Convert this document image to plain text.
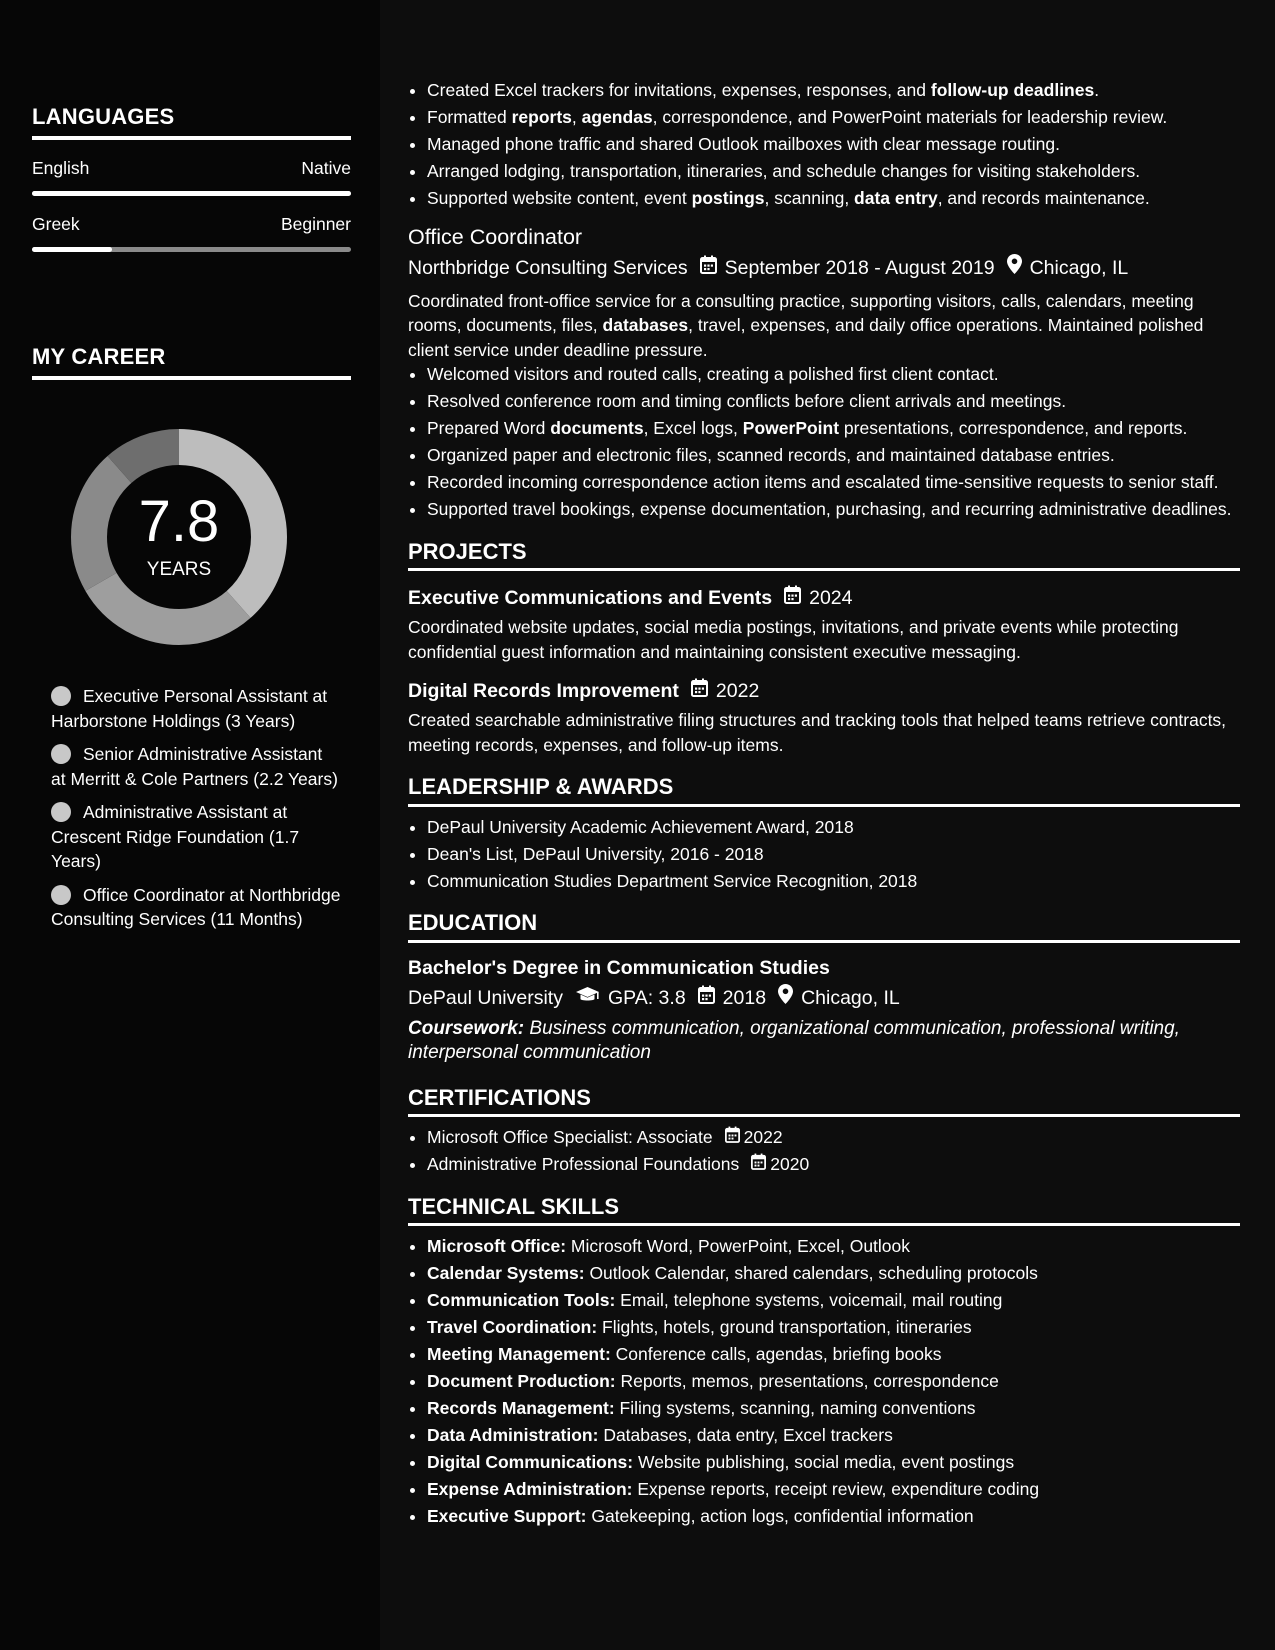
LANGUAGES
English	Native
Greek	Beginner
MY CAREER
7.8
YEARS
Executive Personal Assistant at Harborstone Holdings (3 Years)
Senior Administrative Assistant at Merritt & Cole Partners (2.2 Years)
Administrative Assistant at Crescent Ridge Foundation (1.7 Years)
Office Coordinator at Northbridge Consulting Services (11 Months)
• Created Excel trackers for invitations, expenses, responses, and follow-up deadlines.
• Formatted reports, agendas, correspondence, and PowerPoint materials for leadership review.
• Managed phone traffic and shared Outlook mailboxes with clear message routing.
• Arranged lodging, transportation, itineraries, and schedule changes for visiting stakeholders.
• Supported website content, event postings, scanning, data entry, and records maintenance.
Office Coordinator
Northbridge Consulting Services September 2018 - August 2019 Chicago, IL
Coordinated front-office service for a consulting practice, supporting visitors, calls, calendars, meeting rooms, documents, files, databases, travel, expenses, and daily office operations. Maintained polished client service under deadline pressure.
• Welcomed visitors and routed calls, creating a polished first client contact.
• Resolved conference room and timing conflicts before client arrivals and meetings.
• Prepared Word documents, Excel logs, PowerPoint presentations, correspondence, and reports.
• Organized paper and electronic files, scanned records, and maintained database entries.
• Recorded incoming correspondence action items and escalated time-sensitive requests to senior staff.
• Supported travel bookings, expense documentation, purchasing, and recurring administrative deadlines.
PROJECTS
Executive Communications and Events 2024
Coordinated website updates, social media postings, invitations, and private events while protecting confidential guest information and maintaining consistent executive messaging.
Digital Records Improvement 2022
Created searchable administrative filing structures and tracking tools that helped teams retrieve contracts, meeting records, expenses, and follow-up items.
LEADERSHIP & AWARDS
• DePaul University Academic Achievement Award, 2018
• Dean's List, DePaul University, 2016 - 2018
• Communication Studies Department Service Recognition, 2018
EDUCATION
Bachelor's Degree in Communication Studies
DePaul University GPA: 3.8 2018 Chicago, IL
Coursework: Business communication, organizational communication, professional writing, interpersonal communication
CERTIFICATIONS
• Microsoft Office Specialist: Associate 2022
• Administrative Professional Foundations 2020
TECHNICAL SKILLS
• Microsoft Office: Microsoft Word, PowerPoint, Excel, Outlook
• Calendar Systems: Outlook Calendar, shared calendars, scheduling protocols
• Communication Tools: Email, telephone systems, voicemail, mail routing
• Travel Coordination: Flights, hotels, ground transportation, itineraries
• Meeting Management: Conference calls, agendas, briefing books
• Document Production: Reports, memos, presentations, correspondence
• Records Management: Filing systems, scanning, naming conventions
• Data Administration: Databases, data entry, Excel trackers
• Digital Communications: Website publishing, social media, event postings
• Expense Administration: Expense reports, receipt review, expenditure coding
• Executive Support: Gatekeeping, action logs, confidential information
